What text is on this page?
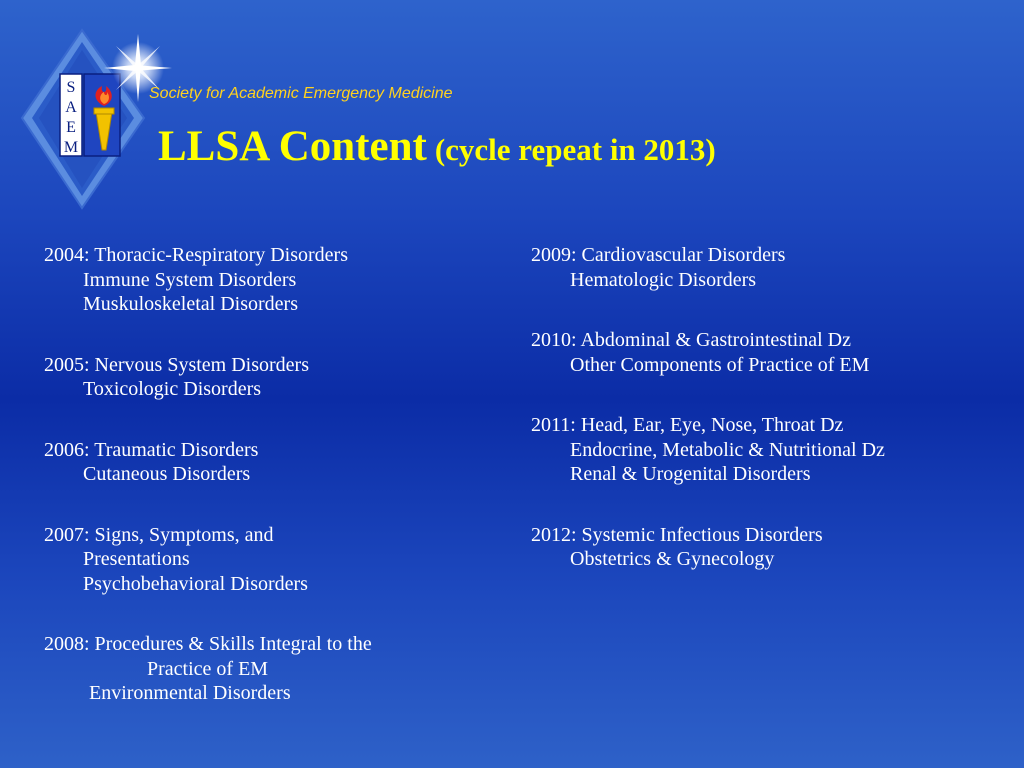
S
A
E
M
Society for Academic Emergency Medicine
LLSA Content (cycle repeat in 2013)
2004: Thoracic-Respiratory Disorders
Immune System Disorders
Muskuloskeletal Disorders
2005: Nervous System Disorders
Toxicologic Disorders
2006: Traumatic Disorders
Cutaneous Disorders
2007: Signs, Symptoms, and
Presentations
Psychobehavioral Disorders
2008: Procedures & Skills Integral to the
Practice of EM
Environmental Disorders
2009: Cardiovascular Disorders
Hematologic Disorders
2010: Abdominal & Gastrointestinal Dz
Other Components of Practice of EM
2011: Head, Ear, Eye, Nose, Throat Dz
Endocrine, Metabolic & Nutritional Dz
Renal & Urogenital Disorders
2012: Systemic Infectious Disorders
Obstetrics & Gynecology
